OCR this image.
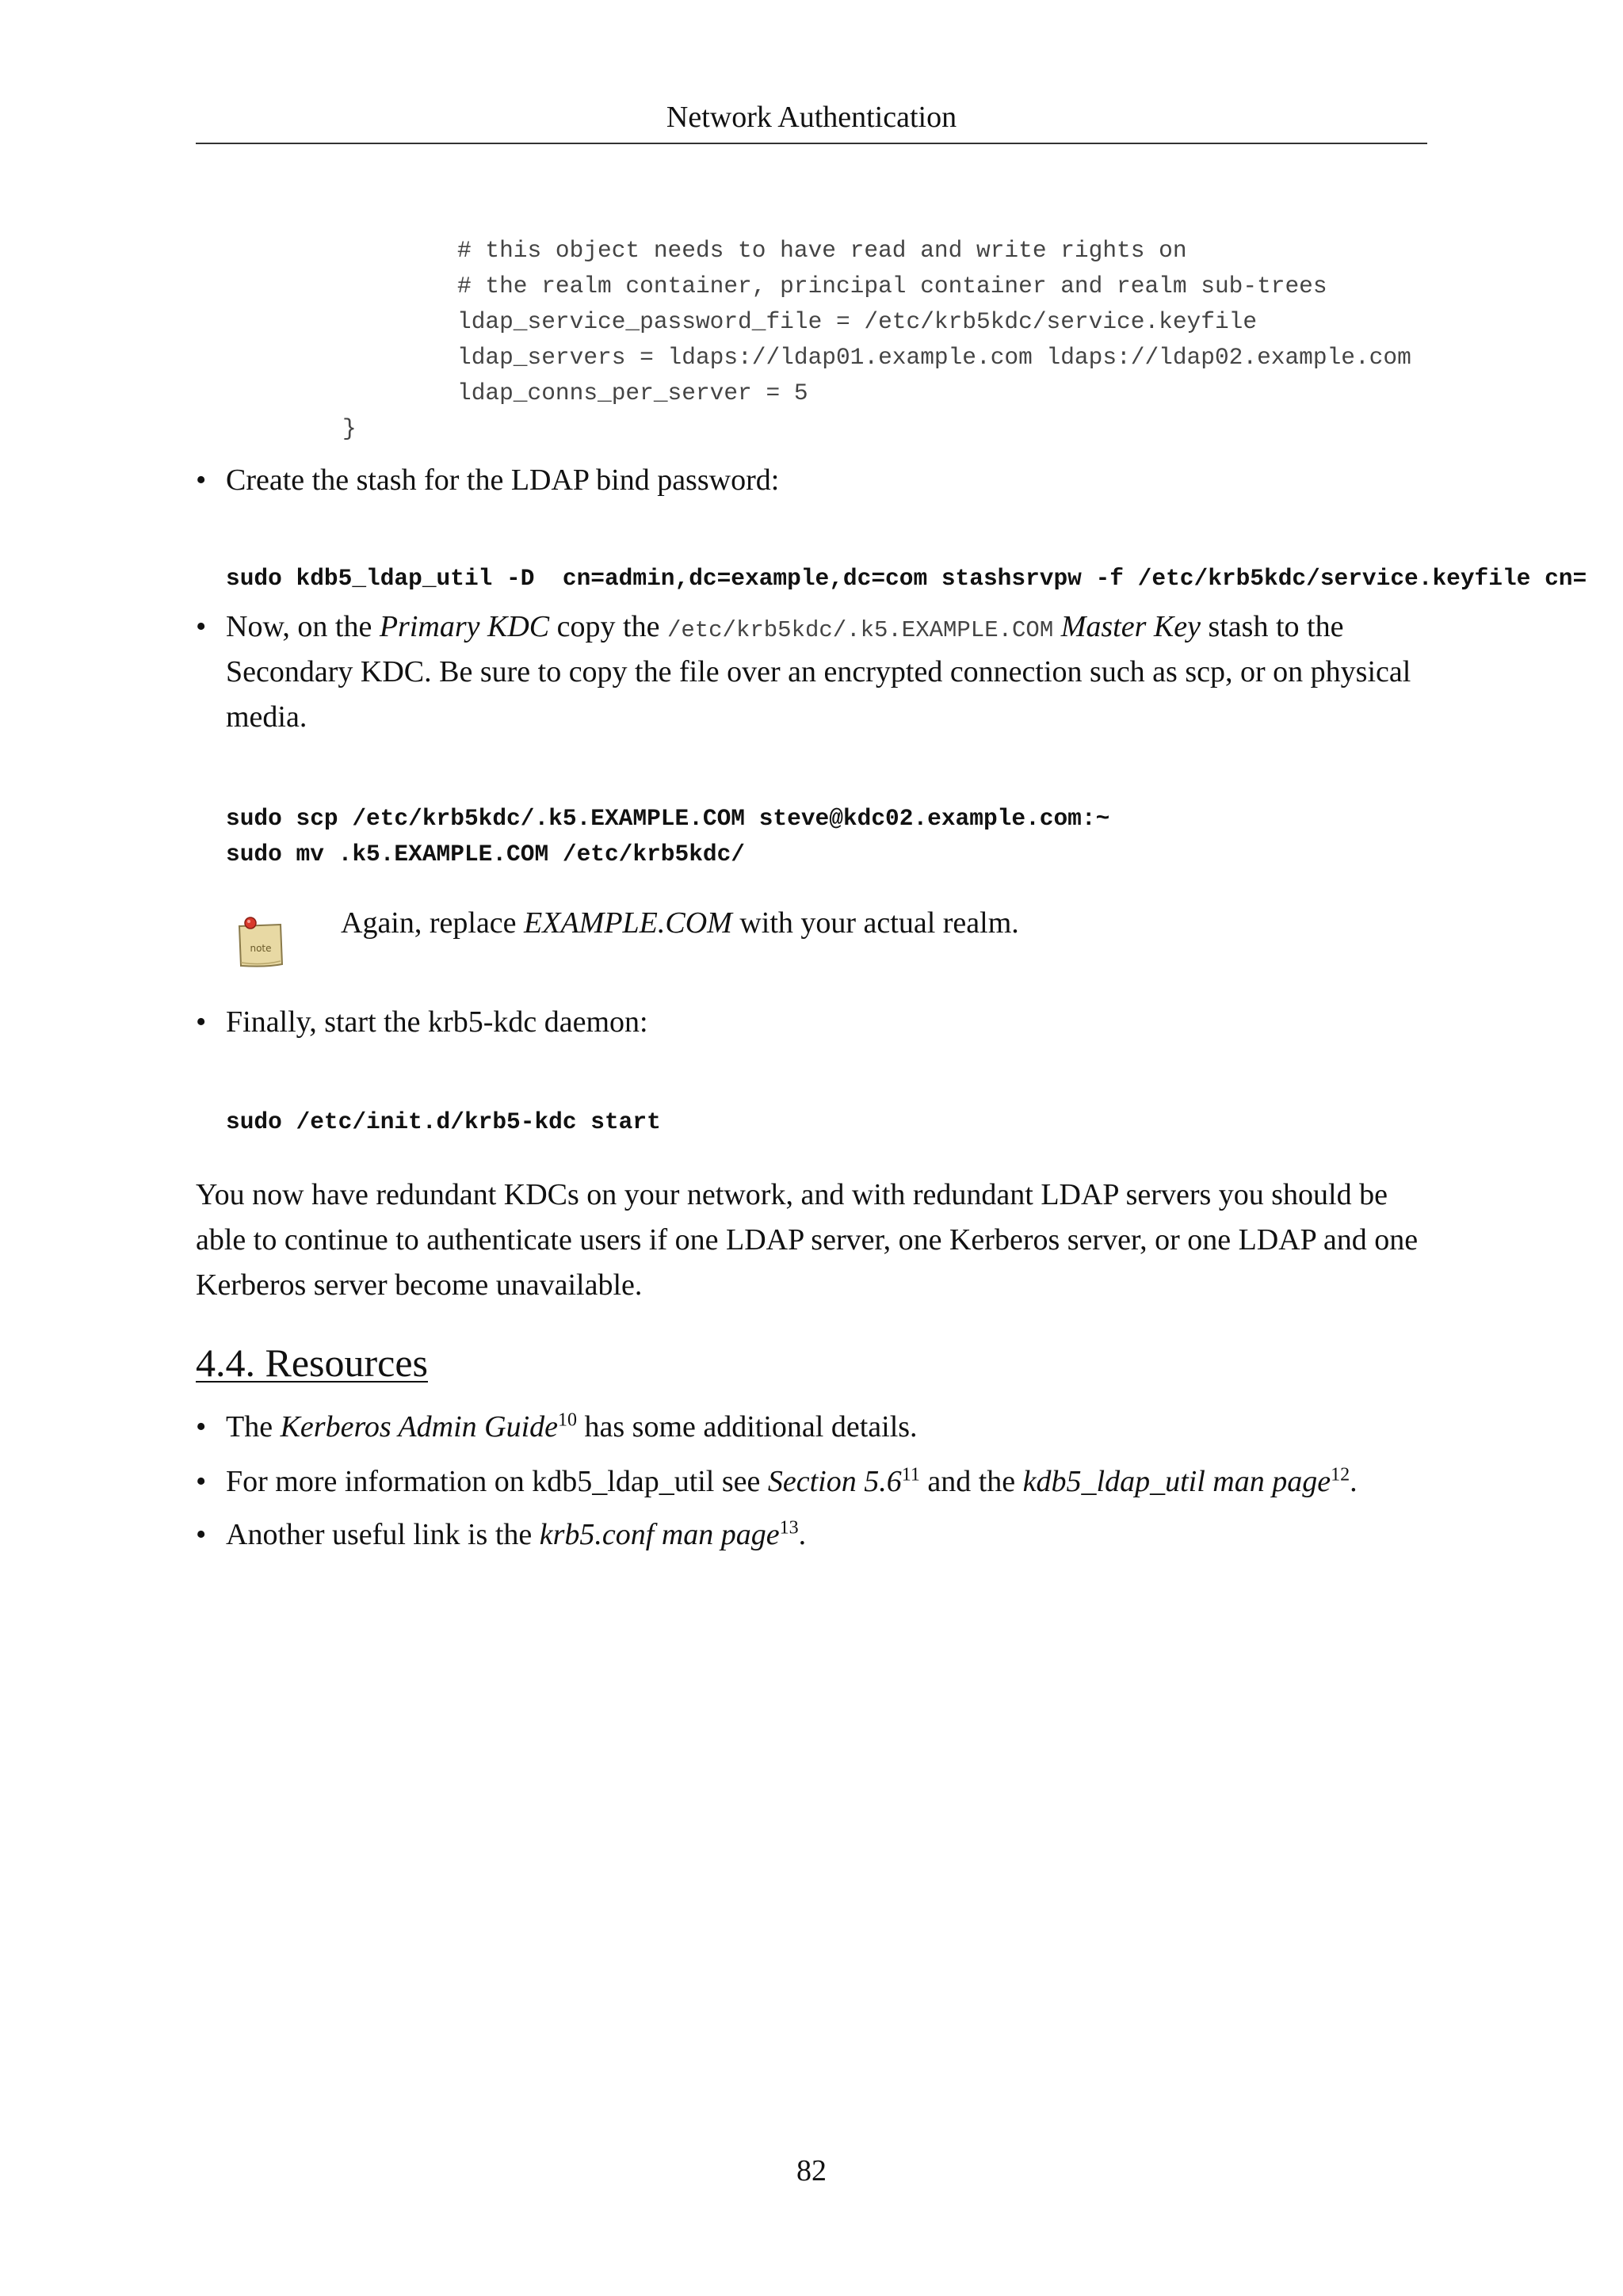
Network Authentication
# this object needs to have read and write rights on
# the realm container, principal container and realm sub-trees
ldap_service_password_file = /etc/krb5kdc/service.keyfile
ldap_servers = ldaps://ldap01.example.com ldaps://ldap02.example.com
ldap_conns_per_server = 5
}
• Create the stash for the LDAP bind password:
sudo kdb5_ldap_util -D  cn=admin,dc=example,dc=com stashsrvpw -f /etc/krb5kdc/service.keyfile cn=
• Now, on the Primary KDC copy the /etc/krb5kdc/.k5.EXAMPLE.COM Master Key stash to the
Secondary KDC. Be sure to copy the file over an encrypted connection such as scp, or on physical
media.
sudo scp /etc/krb5kdc/.k5.EXAMPLE.COM steve@kdc02.example.com:~
sudo mv .k5.EXAMPLE.COM /etc/krb5kdc/
note
Again, replace EXAMPLE.COM with your actual realm.
• Finally, start the krb5-kdc daemon:
sudo /etc/init.d/krb5-kdc start
You now have redundant KDCs on your network, and with redundant LDAP servers you should be
able to continue to authenticate users if one LDAP server, one Kerberos server, or one LDAP and one
Kerberos server become unavailable.
4.4. Resources
• The Kerberos Admin Guide$^{10}$ has some additional details.
• For more information on kdb5_ldap_util see Section $5.6^{11}$ and the kdb5_ldap_util man page$^{12}$.
• Another useful link is the krb5.conf man page$^{13}$.
82
